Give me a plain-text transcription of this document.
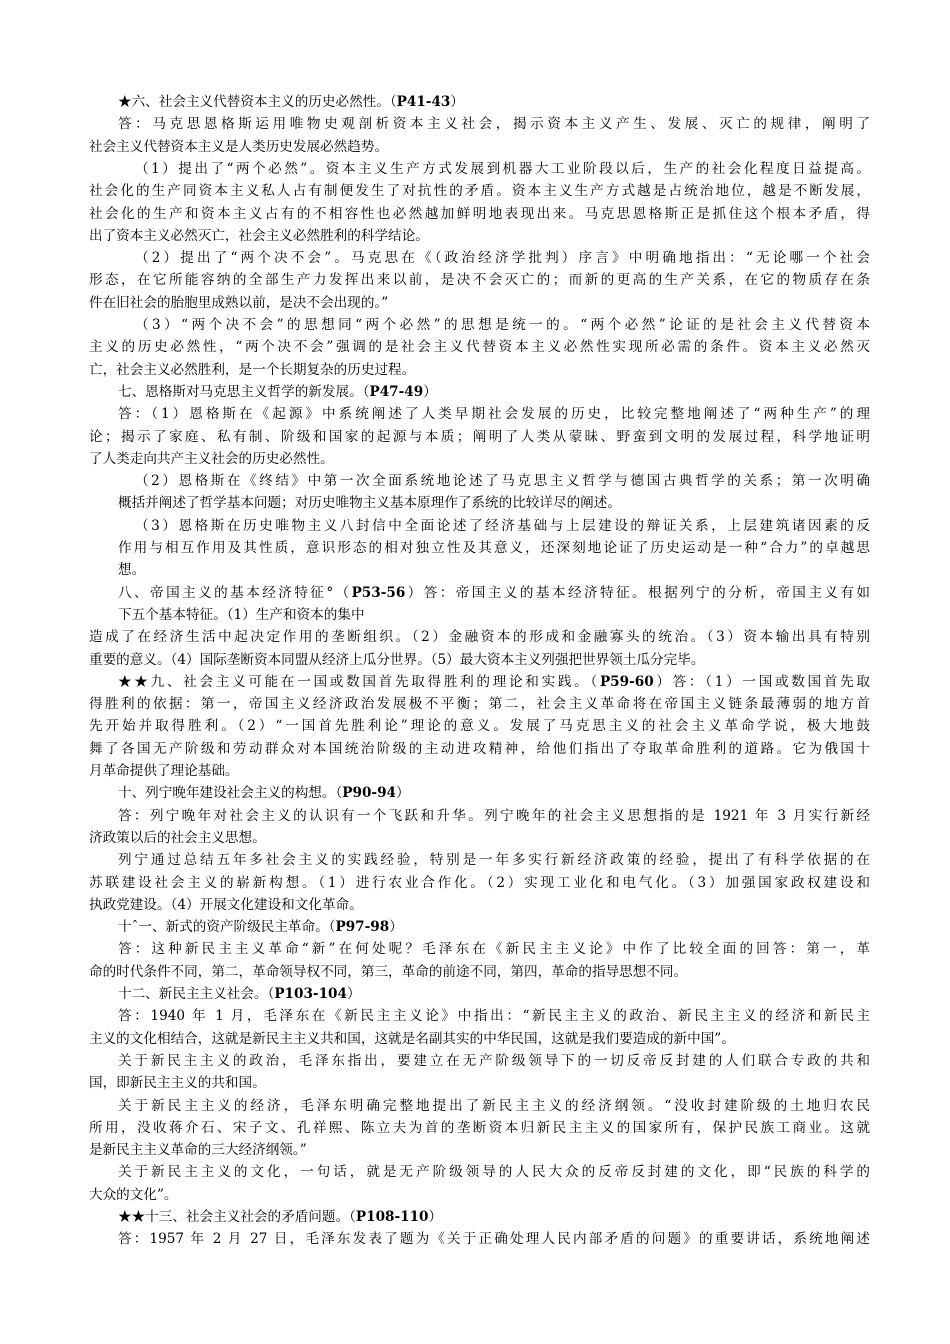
★六、社会主义代替资本主义的历史必然性。（P41-43）
答：马克思恩格斯运用唯物史观剖析资本主义社会，揭示资本主义产生、发展、灭亡的规律，阐明了
社会主义代替资本主义是人类历史发展必然趋势。
（1）提出了“两个必然”。资本主义生产方式发展到机器大工业阶段以后，生产的社会化程度日益提高。
社会化的生产同资本主义私人占有制便发生了对抗性的矛盾。资本主义生产方式越是占统治地位，越是不断发展，
社会化的生产和资本主义占有的不相容性也必然越加鲜明地表现出来。马克思恩格斯正是抓住这个根本矛盾，得
出了资本主义必然灭亡，社会主义必然胜利的科学结论。
（2）提出了“两个决不会”。马克思在《（政治经济学批判）序言》中明确地指出：“无论哪一个社会
形态，在它所能容纳的全部生产力发挥出来以前，是决不会灭亡的；而新的更高的生产关系，在它的物质存在条
件在旧社会的胎胞里成熟以前，是决不会出现的。”
（3）“两个决不会”的思想同“两个必然”的思想是统一的。“两个必然”论证的是社会主义代替资本
主义的历史必然性，“两个决不会”强调的是社会主义代替资本主义必然性实现所必需的条件。资本主义必然灭
亡，社会主义必然胜利，是一个长期复杂的历史过程。
七、恩格斯对马克思主义哲学的新发展。（P47-49）
答：（1）恩格斯在《起源》中系统阐述了人类早期社会发展的历史，比较完整地阐述了“两种生产”的理
论；揭示了家庭、私有制、阶级和国家的起源与本质；阐明了人类从蒙昧、野蛮到文明的发展过程，科学地证明
了人类走向共产主义社会的历史必然性。
（2）恩格斯在《终结》中第一次全面系统地论述了马克思主义哲学与德国古典哲学的关系；第一次明确
概括并阐述了哲学基本问题；对历史唯物主义基本原理作了系统的比较详尽的阐述。
（3）恩格斯在历史唯物主义八封信中全面论述了经济基础与上层建设的辩证关系，上层建筑诸因素的反
作用与相互作用及其性质，意识形态的相对独立性及其意义，还深刻地论证了历史运动是一种“合力”的卓越思
想。
八、帝国主义的基本经济特征°（P53-56）答：帝国主义的基本经济特征。根据列宁的分析，帝国主义有如
下五个基本特征。（1）生产和资本的集中
造成了在经济生活中起决定作用的垄断组织。（2）金融资本的形成和金融寡头的统治。（3）资本输出具有特别
重要的意义。（4）国际垄断资本同盟从经济上瓜分世界。（5）最大资本主义列强把世界领土瓜分完毕。
★★九、社会主义可能在一国或数国首先取得胜利的理论和实践。（P59-60）答：（1）一国或数国首先取
得胜利的依据：第一，帝国主义经济政治发展极不平衡；第二，社会主义革命将在帝国主义链条最薄弱的地方首
先开始并取得胜利。（2）“一国首先胜利论”理论的意义。发展了马克思主义的社会主义革命学说，极大地鼓
舞了各国无产阶级和劳动群众对本国统治阶级的主动进攻精神，给他们指出了夺取革命胜利的道路。它为俄国十
月革命提供了理论基础。
十、列宁晚年建设社会主义的构想。（P90-94）
答：列宁晚年对社会主义的认识有一个飞跃和升华。列宁晚年的社会主义思想指的是 1921 年 3 月实行新经
济政策以后的社会主义思想。
列宁通过总结五年多社会主义的实践经验，特别是一年多实行新经济政策的经验，提出了有科学依据的在
苏联建设社会主义的崭新构想。（1）进行农业合作化。（2）实现工业化和电气化。（3）加强国家政权建设和
执政党建设。（4）开展文化建设和文化革命。
十ˆ一、新式的资产阶级民主革命。（P97-98）
答：这种新民主主义革命“新”在何处呢？毛泽东在《新民主主义论》中作了比较全面的回答：第一，革
命的时代条件不同，第二，革命领导权不同，第三，革命的前途不同，第四，革命的指导思想不同。
十二、新民主主义社会。（P103-104）
答：1940 年 1 月，毛泽东在《新民主主义论》中指出：“新民主主义的政治、新民主主义的经济和新民主
主义的文化相结合，这就是新民主主义共和国，这就是名副其实的中华民国，这就是我们要造成的新中国”。
关于新民主主义的政治，毛泽东指出，要建立在无产阶级领导下的一切反帝反封建的人们联合专政的共和
国，即新民主主义的共和国。
关于新民主主义的经济，毛泽东明确完整地提出了新民主主义的经济纲领。“没收封建阶级的土地归农民
所用，没收蒋介石、宋子文、孔祥熙、陈立夫为首的垄断资本归新民主主义的国家所有，保护民族工商业。这就
是新民主主义革命的三大经济纲领。”
关于新民主主义的文化，一句话，就是无产阶级领导的人民大众的反帝反封建的文化，即“民族的科学的
大众的文化”。
★★十三、社会主义社会的矛盾问题。（P108-110）
答：1957 年 2 月 27 日，毛泽东发表了题为《关于正确处理人民内部矛盾的问题》的重要讲话，系统地阐述
